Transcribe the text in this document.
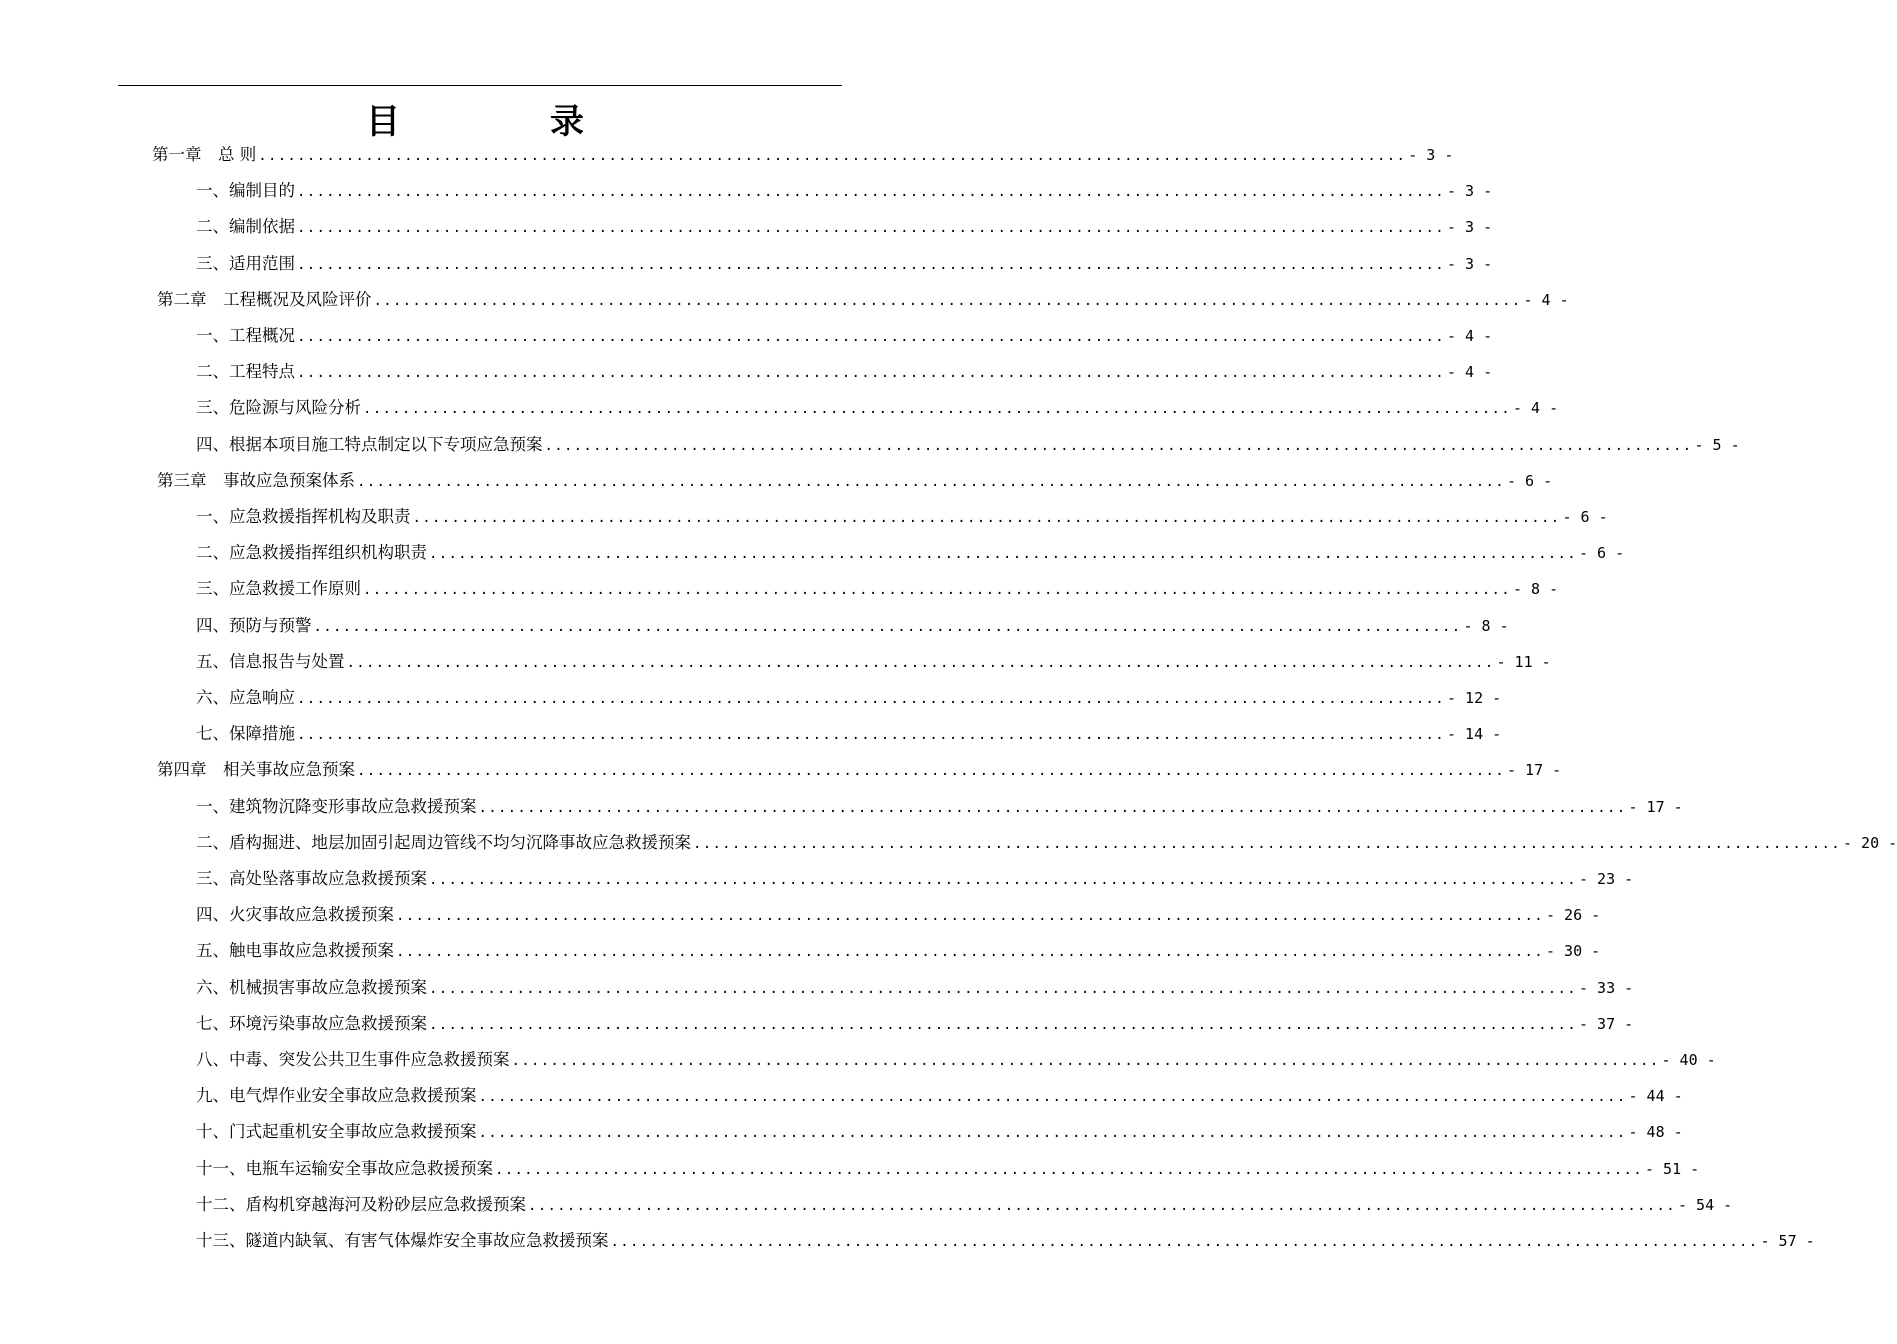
目　录
第一章　总 则 ...................................................................................................................... - 3 -
一、编制目的 ...................................................................................................................... - 3 -
二、编制依据 ...................................................................................................................... - 3 -
三、适用范围 ...................................................................................................................... - 3 -
第二章　工程概况及风险评价 ...................................................................................................................... - 4 -
一、工程概况 ...................................................................................................................... - 4 -
二、工程特点 ...................................................................................................................... - 4 -
三、危险源与风险分析 ...................................................................................................................... - 4 -
四、根据本项目施工特点制定以下专项应急预案 ...................................................................................................................... - 5 -
第三章　事故应急预案体系 ...................................................................................................................... - 6 -
一、应急救援指挥机构及职责 ...................................................................................................................... - 6 -
二、应急救援指挥组织机构职责 ...................................................................................................................... - 6 -
三、应急救援工作原则 ...................................................................................................................... - 8 -
四、预防与预警 ...................................................................................................................... - 8 -
五、信息报告与处置 ...................................................................................................................... - 11 -
六、应急响应 ...................................................................................................................... - 12 -
七、保障措施 ...................................................................................................................... - 14 -
第四章　相关事故应急预案 ...................................................................................................................... - 17 -
一、建筑物沉降变形事故应急救援预案 ...................................................................................................................... - 17 -
二、盾构掘进、地层加固引起周边管线不均匀沉降事故应急救援预案 ...................................................................................................................... - 20 -
三、高处坠落事故应急救援预案 ...................................................................................................................... - 23 -
四、火灾事故应急救援预案 ...................................................................................................................... - 26 -
五、触电事故应急救援预案 ...................................................................................................................... - 30 -
六、机械损害事故应急救援预案 ...................................................................................................................... - 33 -
七、环境污染事故应急救援预案 ...................................................................................................................... - 37 -
八、中毒、突发公共卫生事件应急救援预案 ...................................................................................................................... - 40 -
九、电气焊作业安全事故应急救援预案 ...................................................................................................................... - 44 -
十、门式起重机安全事故应急救援预案 ...................................................................................................................... - 48 -
十一、电瓶车运输安全事故应急救援预案 ...................................................................................................................... - 51 -
十二、盾构机穿越海河及粉砂层应急救援预案 ...................................................................................................................... - 54 -
十三、隧道内缺氧、有害气体爆炸安全事故应急救援预案 ...................................................................................................................... - 57 -
